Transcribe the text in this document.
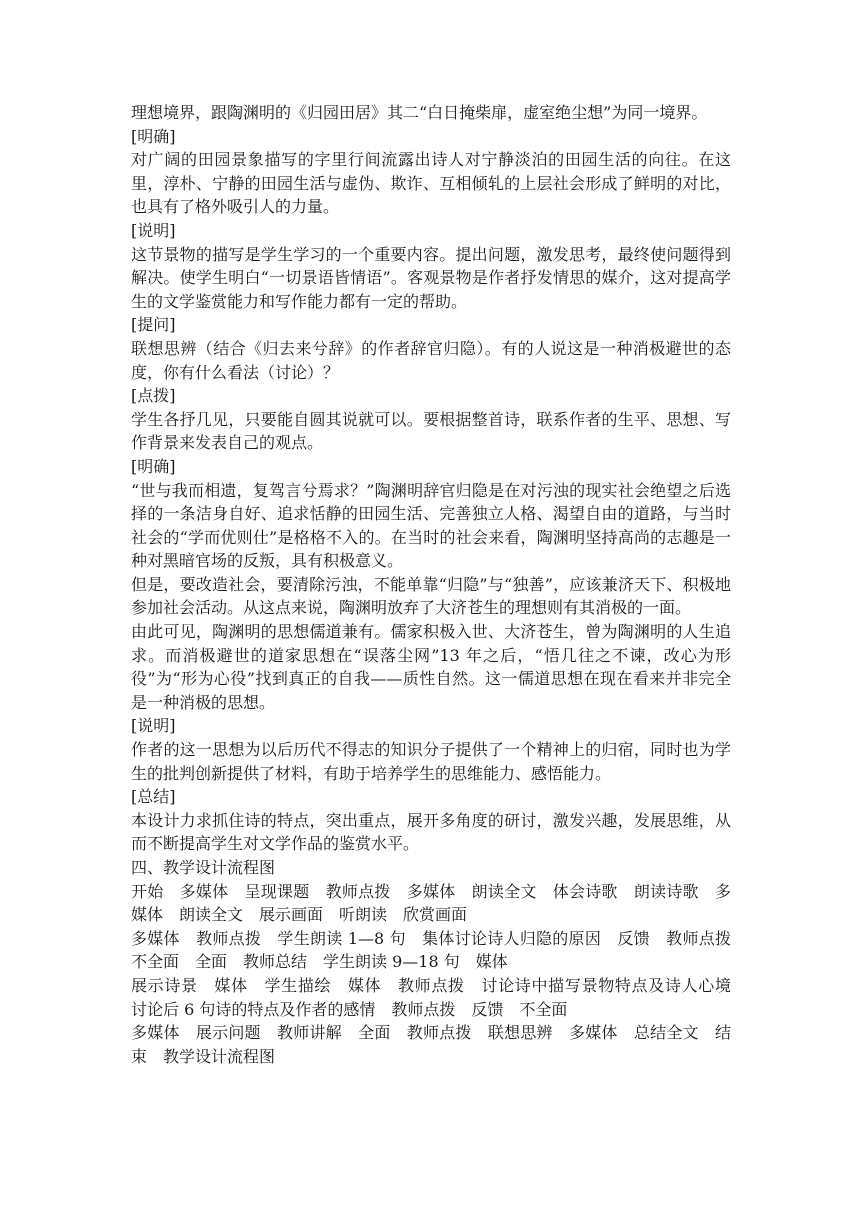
理想境界，跟陶渊明的《归园田居》其二“白日掩柴扉，虚室绝尘想”为同一境界。

[明确]

对广阔的田园景象描写的字里行间流露出诗人对宁静淡泊的田园生活的向往。在这里，淳朴、宁静的田园生活与虚伪、欺诈、互相倾轧的上层社会形成了鲜明的对比，也具有了格外吸引人的力量。

[说明]

这节景物的描写是学生学习的一个重要内容。提出问题，激发思考，最终使问题得到解决。使学生明白“一切景语皆情语”。客观景物是作者抒发情思的媒介，这对提高学生的文学鉴赏能力和写作能力都有一定的帮助。

[提问]

联想思辨（结合《归去来兮辞》的作者辞官归隐）。有的人说这是一种消极避世的态度，你有什么看法（讨论）？

[点拨]

学生各抒几见，只要能自圆其说就可以。要根据整首诗，联系作者的生平、思想、写作背景来发表自己的观点。

[明确]

“世与我而相遗，复驾言兮焉求？”陶渊明辞官归隐是在对污浊的现实社会绝望之后选择的一条洁身自好、追求恬静的田园生活、完善独立人格、渴望自由的道路，与当时社会的“学而优则仕”是格格不入的。在当时的社会来看，陶渊明坚持高尚的志趣是一种对黑暗官场的反叛，具有积极意义。

但是，要改造社会，要清除污浊，不能单靠“归隐”与“独善”，应该兼济天下、积极地参加社会活动。从这点来说，陶渊明放弃了大济苍生的理想则有其消极的一面。

由此可见，陶渊明的思想儒道兼有。儒家积极入世、大济苍生，曾为陶渊明的人生追求。而消极避世的道家思想在“误落尘网”13 年之后，“悟几往之不谏，改心为形役”为“形为心役”找到真正的自我——质性自然。这一儒道思想在现在看来并非完全是一种消极的思想。

[说明]

作者的这一思想为以后历代不得志的知识分子提供了一个精神上的归宿，同时也为学生的批判创新提供了材料，有助于培养学生的思维能力、感悟能力。

[总结]

本设计力求抓住诗的特点，突出重点，展开多角度的研讨，激发兴趣，发展思维，从而不断提高学生对文学作品的鉴赏水平。

四、教学设计流程图

开始　多媒体　呈现课题　教师点拨　多媒体　朗读全文　体会诗歌　朗读诗歌　多媒体　朗读全文　展示画面　听朗读　欣赏画面

多媒体　教师点拨　学生朗读 1—8 句　集体讨论诗人归隐的原因　反馈　教师点拨　不全面　全面　教师总结　学生朗读 9—18 句　媒体

展示诗景　媒体　学生描绘　媒体　教师点拨　讨论诗中描写景物特点及诗人心境　讨论后 6 句诗的特点及作者的感情　教师点拨　反馈　不全面

多媒体　展示问题　教师讲解　全面　教师点拨　联想思辨　多媒体　总结全文　结束　教学设计流程图
